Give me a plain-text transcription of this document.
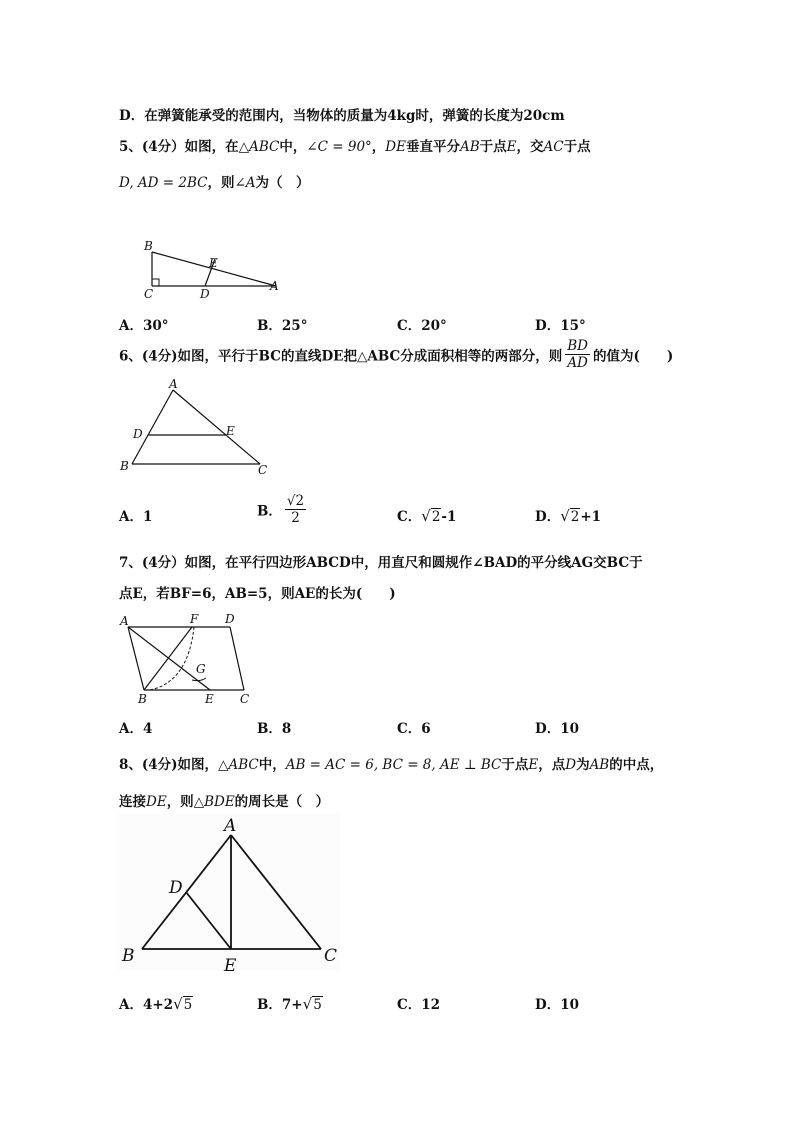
D．在弹簧能承受的范围内，当物体的质量为4kg时，弹簧的长度为20cm
5、(4分）如图，在△ABC中，∠C = 90°，DE垂直平分AB于点E，交AC于点
D, AD = 2BC，则∠A为（　）
B
C	D
E
A
A．30°	B．25°	C．20°	D．15°
6、(4分)如图，平行于BC的直线DE把△ABC分成面积相等的两部分，则 $\frac{BD}{AD}$ 的值为(　　)
A
D	E
B	C
A．1	B． $\frac{√2}{2}$	C．√2-1	D．√2+1
7、(4分）如图，在平行四边形ABCD中，用直尺和圆规作∠BAD的平分线AG交BC于
点E，若BF=6，AB=5，则AE的长为(　　)
A	F D
G
B	E C
A．4	B．8	C．6	D．10
8、(4分)如图，△ABC中，AB = AC = 6, BC = 8, AE ⊥ BC于点E，点D为AB的中点，
连接DE，则△BDE的周长是（　）
A
D
B	E	C
A．4+2√5	B．7+√5	C．12	D．10
